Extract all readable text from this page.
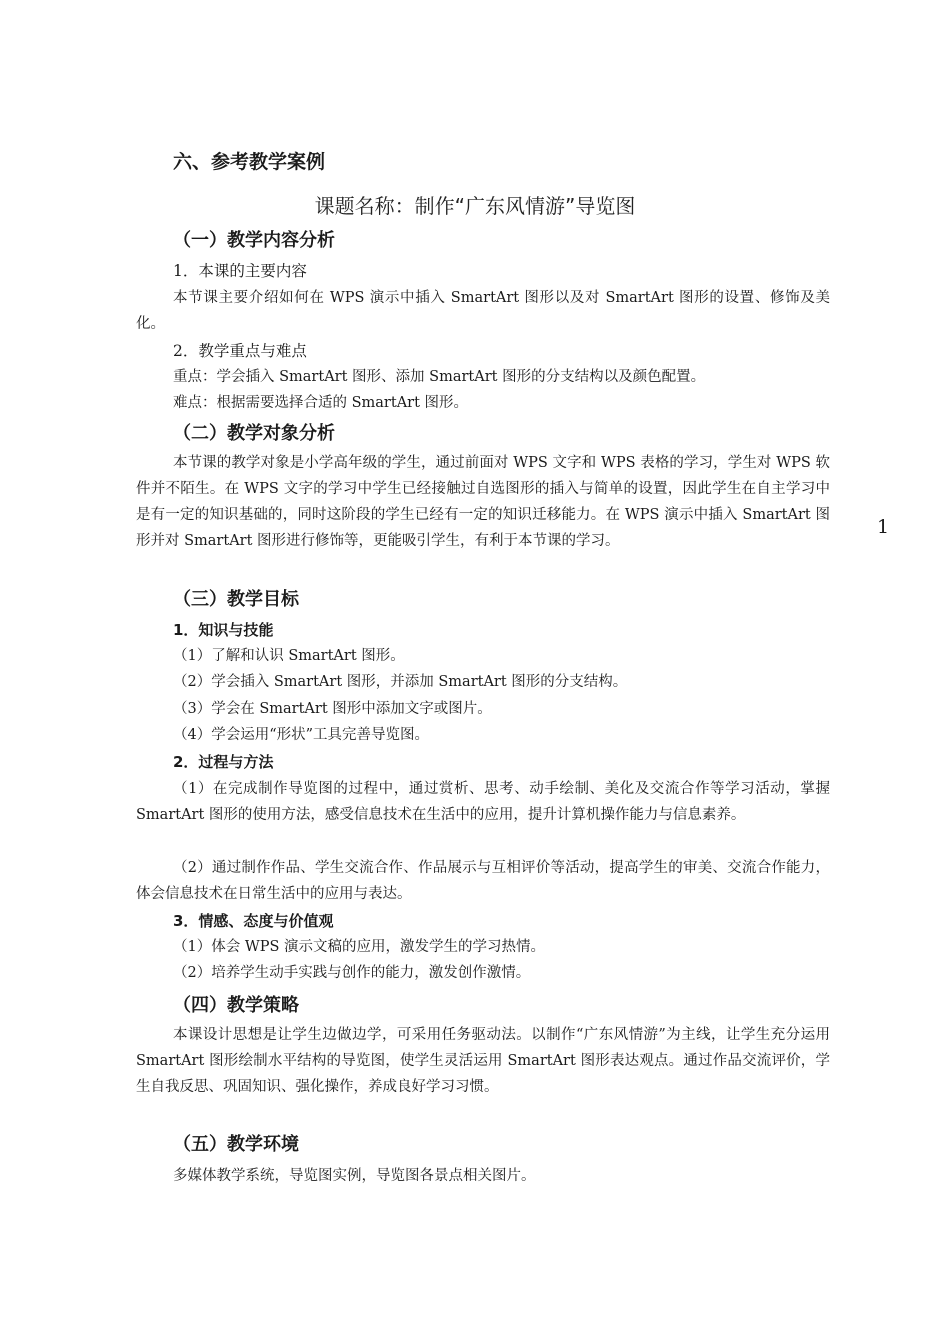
六、参考教学案例
课题名称：制作“广东风情游”导览图
（一）教学内容分析
1．本课的主要内容
本节课主要介绍如何在 WPS 演示中插入 SmartArt 图形以及对 SmartArt 图形的设置、修饰及美化。
2．教学重点与难点
重点：学会插入 SmartArt 图形、添加 SmartArt 图形的分支结构以及颜色配置。
难点：根据需要选择合适的 SmartArt 图形。
（二）教学对象分析
本节课的教学对象是小学高年级的学生，通过前面对 WPS 文字和 WPS 表格的学习，学生对 WPS 软件并不陌生。在 WPS 文字的学习中学生已经接触过自选图形的插入与简单的设置，因此学生在自主学习中是有一定的知识基础的，同时这阶段的学生已经有一定的知识迁移能力。在 WPS 演示中插入 SmartArt 图形并对 SmartArt 图形进行修饰等，更能吸引学生，有利于本节课的学习。
（三）教学目标
1．知识与技能
（1）了解和认识 SmartArt 图形。
（2）学会插入 SmartArt 图形，并添加 SmartArt 图形的分支结构。
（3）学会在 SmartArt 图形中添加文字或图片。
（4）学会运用“形状”工具完善导览图。
2．过程与方法
（1）在完成制作导览图的过程中，通过赏析、思考、动手绘制、美化及交流合作等学习活动，掌握 SmartArt 图形的使用方法，感受信息技术在生活中的应用，提升计算机操作能力与信息素养。
（2）通过制作作品、学生交流合作、作品展示与互相评价等活动，提高学生的审美、交流合作能力，体会信息技术在日常生活中的应用与表达。
3．情感、态度与价值观
（1）体会 WPS 演示文稿的应用，激发学生的学习热情。
（2）培养学生动手实践与创作的能力，激发创作激情。
（四）教学策略
本课设计思想是让学生边做边学，可采用任务驱动法。以制作“广东风情游”为主线，让学生充分运用 SmartArt 图形绘制水平结构的导览图，使学生灵活运用 SmartArt 图形表达观点。通过作品交流评价，学生自我反思、巩固知识、强化操作，养成良好学习习惯。
（五）教学环境
多媒体教学系统，导览图实例，导览图各景点相关图片。
1
